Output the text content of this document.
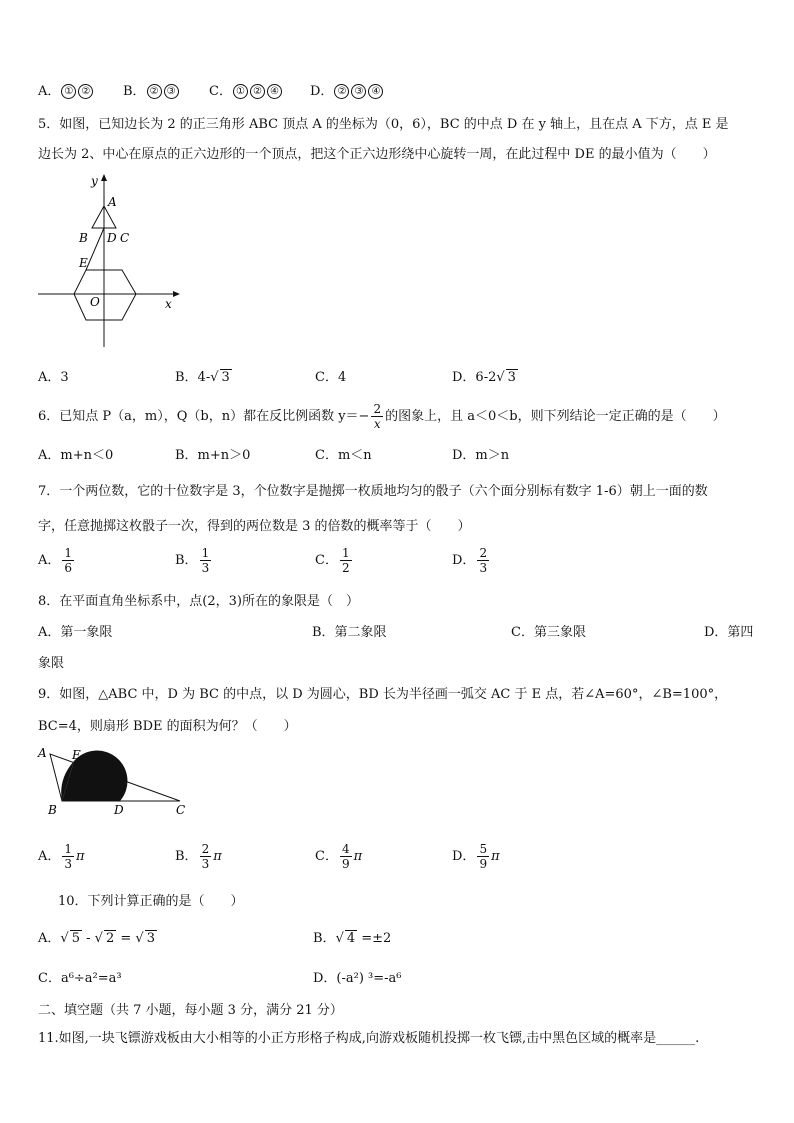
A． ① ②	B． ② ③	C． ① ② ④	D． ② ③ ④
5．如图，已知边长为 2 的正三角形 ABC 顶点 A 的坐标为（0，6），BC 的中点 D 在 y 轴上，且在点 A 下方，点 E 是
边长为 2、中心在原点的正六边形的一个顶点，把这个正六边形绕中心旋转一周，在此过程中 DE 的最小值为（　　）
y
x
A
B D C
E
O
A．3	B．4-√ 3	C．4	D．6-2√ 3
6．已知点 P（a，m），Q（b，n）都在反比例函数 $y=- \frac{2}{x}$ 的图象上，且 a＜0＜b，则下列结论一定正确的是（　　）
A．m+n＜0	B．m+n＞0	C．m＜n	D．m＞n
7．一个两位数，它的十位数字是 3，个位数字是抛掷一枚质地均匀的骰子（六个面分别标有数字 1-6）朝上一面的数
字，任意抛掷这枚骰子一次，得到的两位数是 3 的倍数的概率等于（　　）
A． $\frac{1}{6}$	B． $\frac{1}{3}$	C． $\frac{1}{2}$	D． $\frac{2}{3}$
8．在平面直角坐标系中，点(2，3)所在的象限是（　）
A．第一象限	B．第二象限	C．第三象限	D．第四
象限
9．如图，△ABC 中，D 为 BC 的中点，以 D 为圆心，BD 长为半径画一弧交 AC 于 E 点，若∠A=60°，∠B=100°，
BC=4，则扇形 BDE 的面积为何？（　　）
A E
B	D	C
A． $\frac{1}{3}$ π	B． $\frac{2}{3}$ π	C． $\frac{4}{9}$ π	D． $\frac{5}{9}$ π
10．下列计算正确的是（　　）
A．√ 5 - √ 2 = √ 3	B．√ 4 =±2
C．a⁶÷a²=a³	D．(-a²) ³=-a⁶
二、填空题（共 7 小题，每小题 3 分，满分 21 分）
11.如图,一块飞镖游戏板由大小相等的小正方形格子构成,向游戏板随机投掷一枚飞镖,击中黑色区域的概率是______.
